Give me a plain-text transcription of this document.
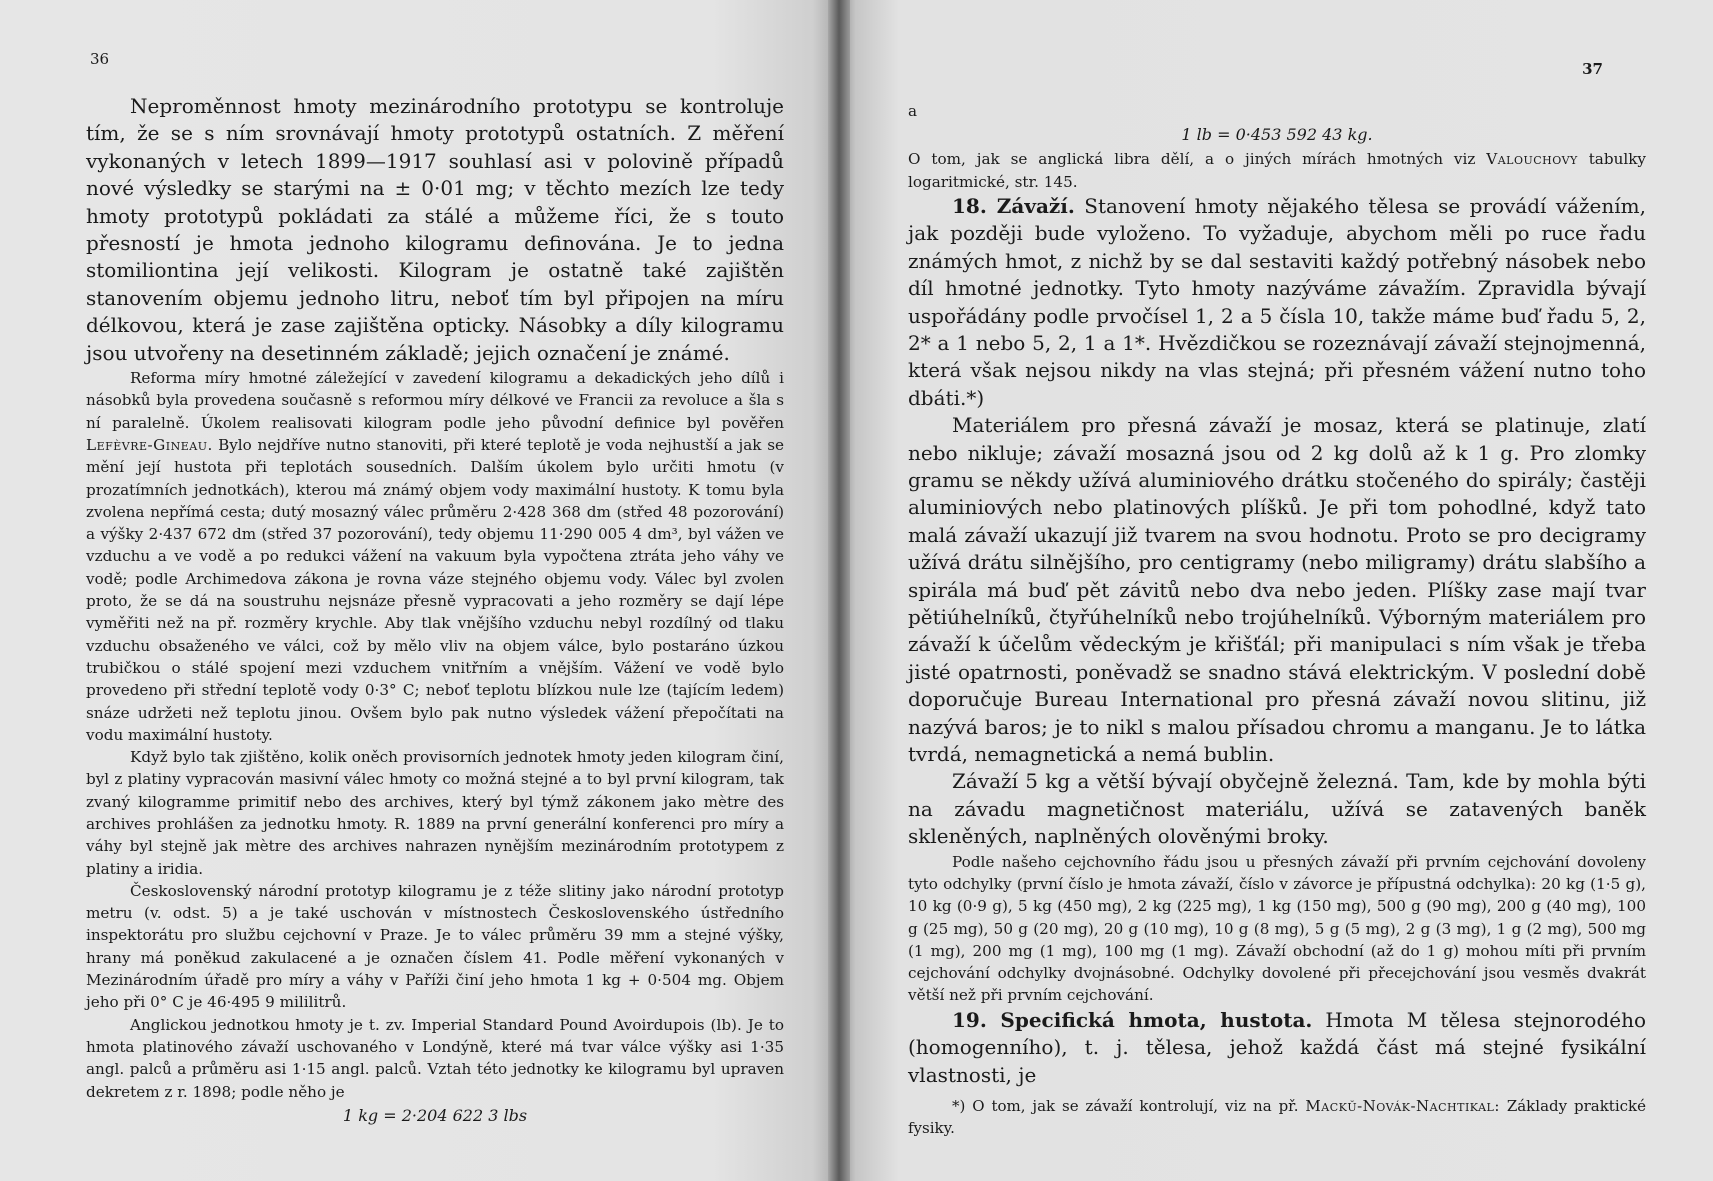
36

Neproměnnost hmoty mezinárodního prototypu se kontroluje tím, že se s ním srovnávají hmoty prototypů ostatních. Z měření vykonaných v letech 1899—1917 souhlasí asi v polovině případů nové výsledky se starými na ± 0·01 mg; v těchto mezích lze tedy hmoty prototypů pokládati za stálé a můžeme říci, že s touto přesností je hmota jednoho kilogramu definována. Je to jedna stomiliontina její velikosti. Kilogram je ostatně také zajištěn stanovením objemu jednoho litru, neboť tím byl připojen na míru délkovou, která je zase zajištěna opticky. Násobky a díly kilogramu jsou utvořeny na desetinném základě; jejich označení je známé.

Reforma míry hmotné záležející v zavedení kilogramu a dekadických jeho dílů i násobků byla provedena současně s reformou míry délkové ve Francii za revoluce a šla s ní paralelně. Úkolem realisovati kilogram podle jeho původní definice byl pověřen Lefèvre-Gineau. Bylo nejdříve nutno stanoviti, při které teplotě je voda nejhustší a jak se mění její hustota při teplotách sousedních. Dalším úkolem bylo určiti hmotu (v prozatímních jednotkách), kterou má známý objem vody maximální hustoty. K tomu byla zvolena nepřímá cesta; dutý mosazný válec průměru 2·428 368 dm (střed 48 pozorování) a výšky 2·437 672 dm (střed 37 pozorování), tedy objemu 11·290 005 4 dm³, byl vážen ve vzduchu a ve vodě a po redukci vážení na vakuum byla vypočtena ztráta jeho váhy ve vodě; podle Archimedova zákona je rovna váze stejného objemu vody. Válec byl zvolen proto, že se dá na soustruhu nejsnáze přesně vypracovati a jeho rozměry se dají lépe vyměřiti než na př. rozměry krychle. Aby tlak vnějšího vzduchu nebyl rozdílný od tlaku vzduchu obsaženého ve válci, což by mělo vliv na objem válce, bylo postaráno úzkou trubičkou o stálé spojení mezi vzduchem vnitřním a vnějším. Vážení ve vodě bylo provedeno při střední teplotě vody 0·3° C; neboť teplotu blízkou nule lze (tajícím ledem) snáze udržeti než teplotu jinou. Ovšem bylo pak nutno výsledek vážení přepočítati na vodu maximální hustoty.

Když bylo tak zjištěno, kolik oněch provisorních jednotek hmoty jeden kilogram činí, byl z platiny vypracován masivní válec hmoty co možná stejné a to byl první kilogram, tak zvaný kilogramme primitif nebo des archives, který byl týmž zákonem jako mètre des archives prohlášen za jednotku hmoty. R. 1889 na první generální konferenci pro míry a váhy byl stejně jak mètre des archives nahrazen nynějším mezinárodním prototypem z platiny a iridia.

Československý národní prototyp kilogramu je z téže slitiny jako národní prototyp metru (v. odst. 5) a je také uschován v místnostech Československého ústředního inspektorátu pro službu cejchovní v Praze. Je to válec průměru 39 mm a stejné výšky, hrany má poněkud zakulacené a je označen číslem 41. Podle měření vykonaných v Mezinárodním úřadě pro míry a váhy v Paříži činí jeho hmota 1 kg + 0·504 mg. Objem jeho při 0° C je 46·495 9 mililitrů.

Anglickou jednotkou hmoty je t. zv. Imperial Standard Pound Avoirdupois (lb). Je to hmota platinového závaží uschovaného v Londýně, které má tvar válce výšky asi 1·35 angl. palců a průměru asi 1·15 angl. palců. Vztah této jednotky ke kilogramu byl upraven dekretem z r. 1898; podle něho je

1 kg = 2·204 622 3 lbs

37

a

1 lb = 0·453 592 43 kg.

O tom, jak se anglická libra dělí, a o jiných mírách hmotných viz Valouchovy tabulky logaritmické, str. 145.

18. Závaží. Stanovení hmoty nějakého tělesa se provádí vážením, jak později bude vyloženo. To vyžaduje, abychom měli po ruce řadu známých hmot, z nichž by se dal sestaviti každý potřebný násobek nebo díl hmotné jednotky. Tyto hmoty nazýváme závažím. Zpravidla bývají uspořádány podle prvočísel 1, 2 a 5 čísla 10, takže máme buď řadu 5, 2, 2* a 1 nebo 5, 2, 1 a 1*. Hvězdičkou se rozeznávají závaží stejnojmenná, která však nejsou nikdy na vlas stejná; při přesném vážení nutno toho dbáti.*)

Materiálem pro přesná závaží je mosaz, která se platinuje, zlatí nebo nikluje; závaží mosazná jsou od 2 kg dolů až k 1 g. Pro zlomky gramu se někdy užívá aluminiového drátku stočeného do spirály; častěji aluminiových nebo platinových plíšků. Je při tom pohodlné, když tato malá závaží ukazují již tvarem na svou hodnotu. Proto se pro decigramy užívá drátu silnějšího, pro centigramy (nebo miligramy) drátu slabšího a spirála má buď pět závitů nebo dva nebo jeden. Plíšky zase mají tvar pětiúhelníků, čtyřúhelníků nebo trojúhelníků. Výborným materiálem pro závaží k účelům vědeckým je křišťál; při manipulaci s ním však je třeba jisté opatrnosti, poněvadž se snadno stává elektrickým. V poslední době doporučuje Bureau International pro přesná závaží novou slitinu, již nazývá baros; je to nikl s malou přísadou chromu a manganu. Je to látka tvrdá, nemagnetická a nemá bublin.

Závaží 5 kg a větší bývají obyčejně železná. Tam, kde by mohla býti na závadu magnetičnost materiálu, užívá se zatavených baněk skleněných, naplněných olověnými broky.

Podle našeho cejchovního řádu jsou u přesných závaží při prvním cejchování dovoleny tyto odchylky (první číslo je hmota závaží, číslo v závorce je přípustná odchylka): 20 kg (1·5 g), 10 kg (0·9 g), 5 kg (450 mg), 2 kg (225 mg), 1 kg (150 mg), 500 g (90 mg), 200 g (40 mg), 100 g (25 mg), 50 g (20 mg), 20 g (10 mg), 10 g (8 mg), 5 g (5 mg), 2 g (3 mg), 1 g (2 mg), 500 mg (1 mg), 200 mg (1 mg), 100 mg (1 mg). Závaží obchodní (až do 1 g) mohou míti při prvním cejchování odchylky dvojnásobné. Odchylky dovolené při přecejchování jsou vesměs dvakrát větší než při prvním cejchování.

19. Specifická hmota, hustota. Hmota M tělesa stejnorodého (homogenního), t. j. tělesa, jehož každá část má stejné fysikální vlastnosti, je

*) O tom, jak se závaží kontrolují, viz na př. Mackŭ-Novák-Nachtikal: Základy praktické fysiky.
